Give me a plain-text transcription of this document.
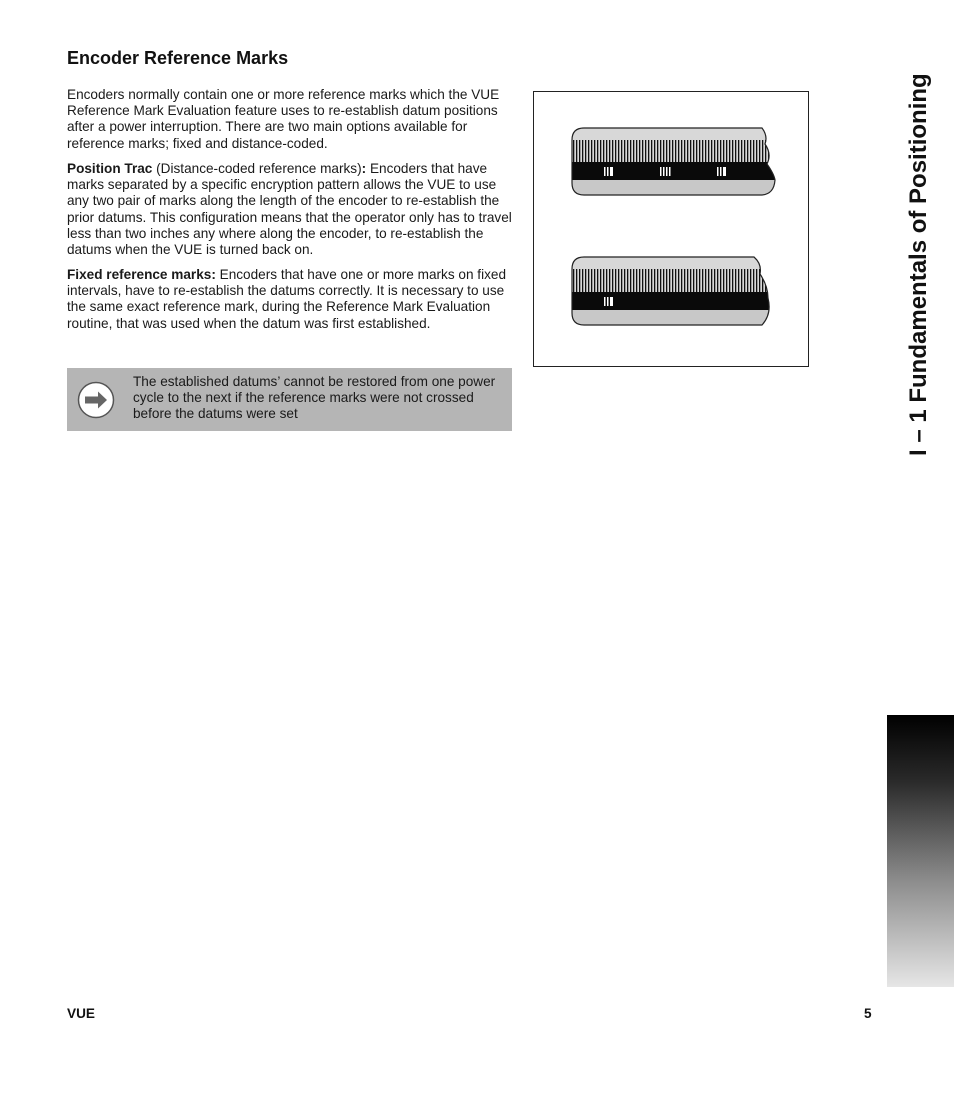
Encoder Reference Marks

Encoders normally contain one or more reference marks which the VUE Reference Mark Evaluation feature uses to re-establish datum positions after a power interruption. There are two main options available for reference marks; fixed and distance-coded.

Position Trac (Distance-coded reference marks): Encoders that have marks separated by a specific encryption pattern allows the VUE to use any two pair of marks along the length of the encoder to re-establish the prior datums. This configuration means that the operator only has to travel less than two inches any where along the encoder, to re-establish the datums when the VUE is turned back on.

Fixed reference marks: Encoders that have one or more marks on fixed intervals, have to re-establish the datums correctly. It is necessary to use the same exact reference mark, during the Reference Mark Evaluation routine, that was used when the datum was first established.

The established datums’ cannot be restored from one power cycle to the next if the reference marks were not crossed before the datums were set	I – 1 Fundamentals of Positioning

VUE	5
